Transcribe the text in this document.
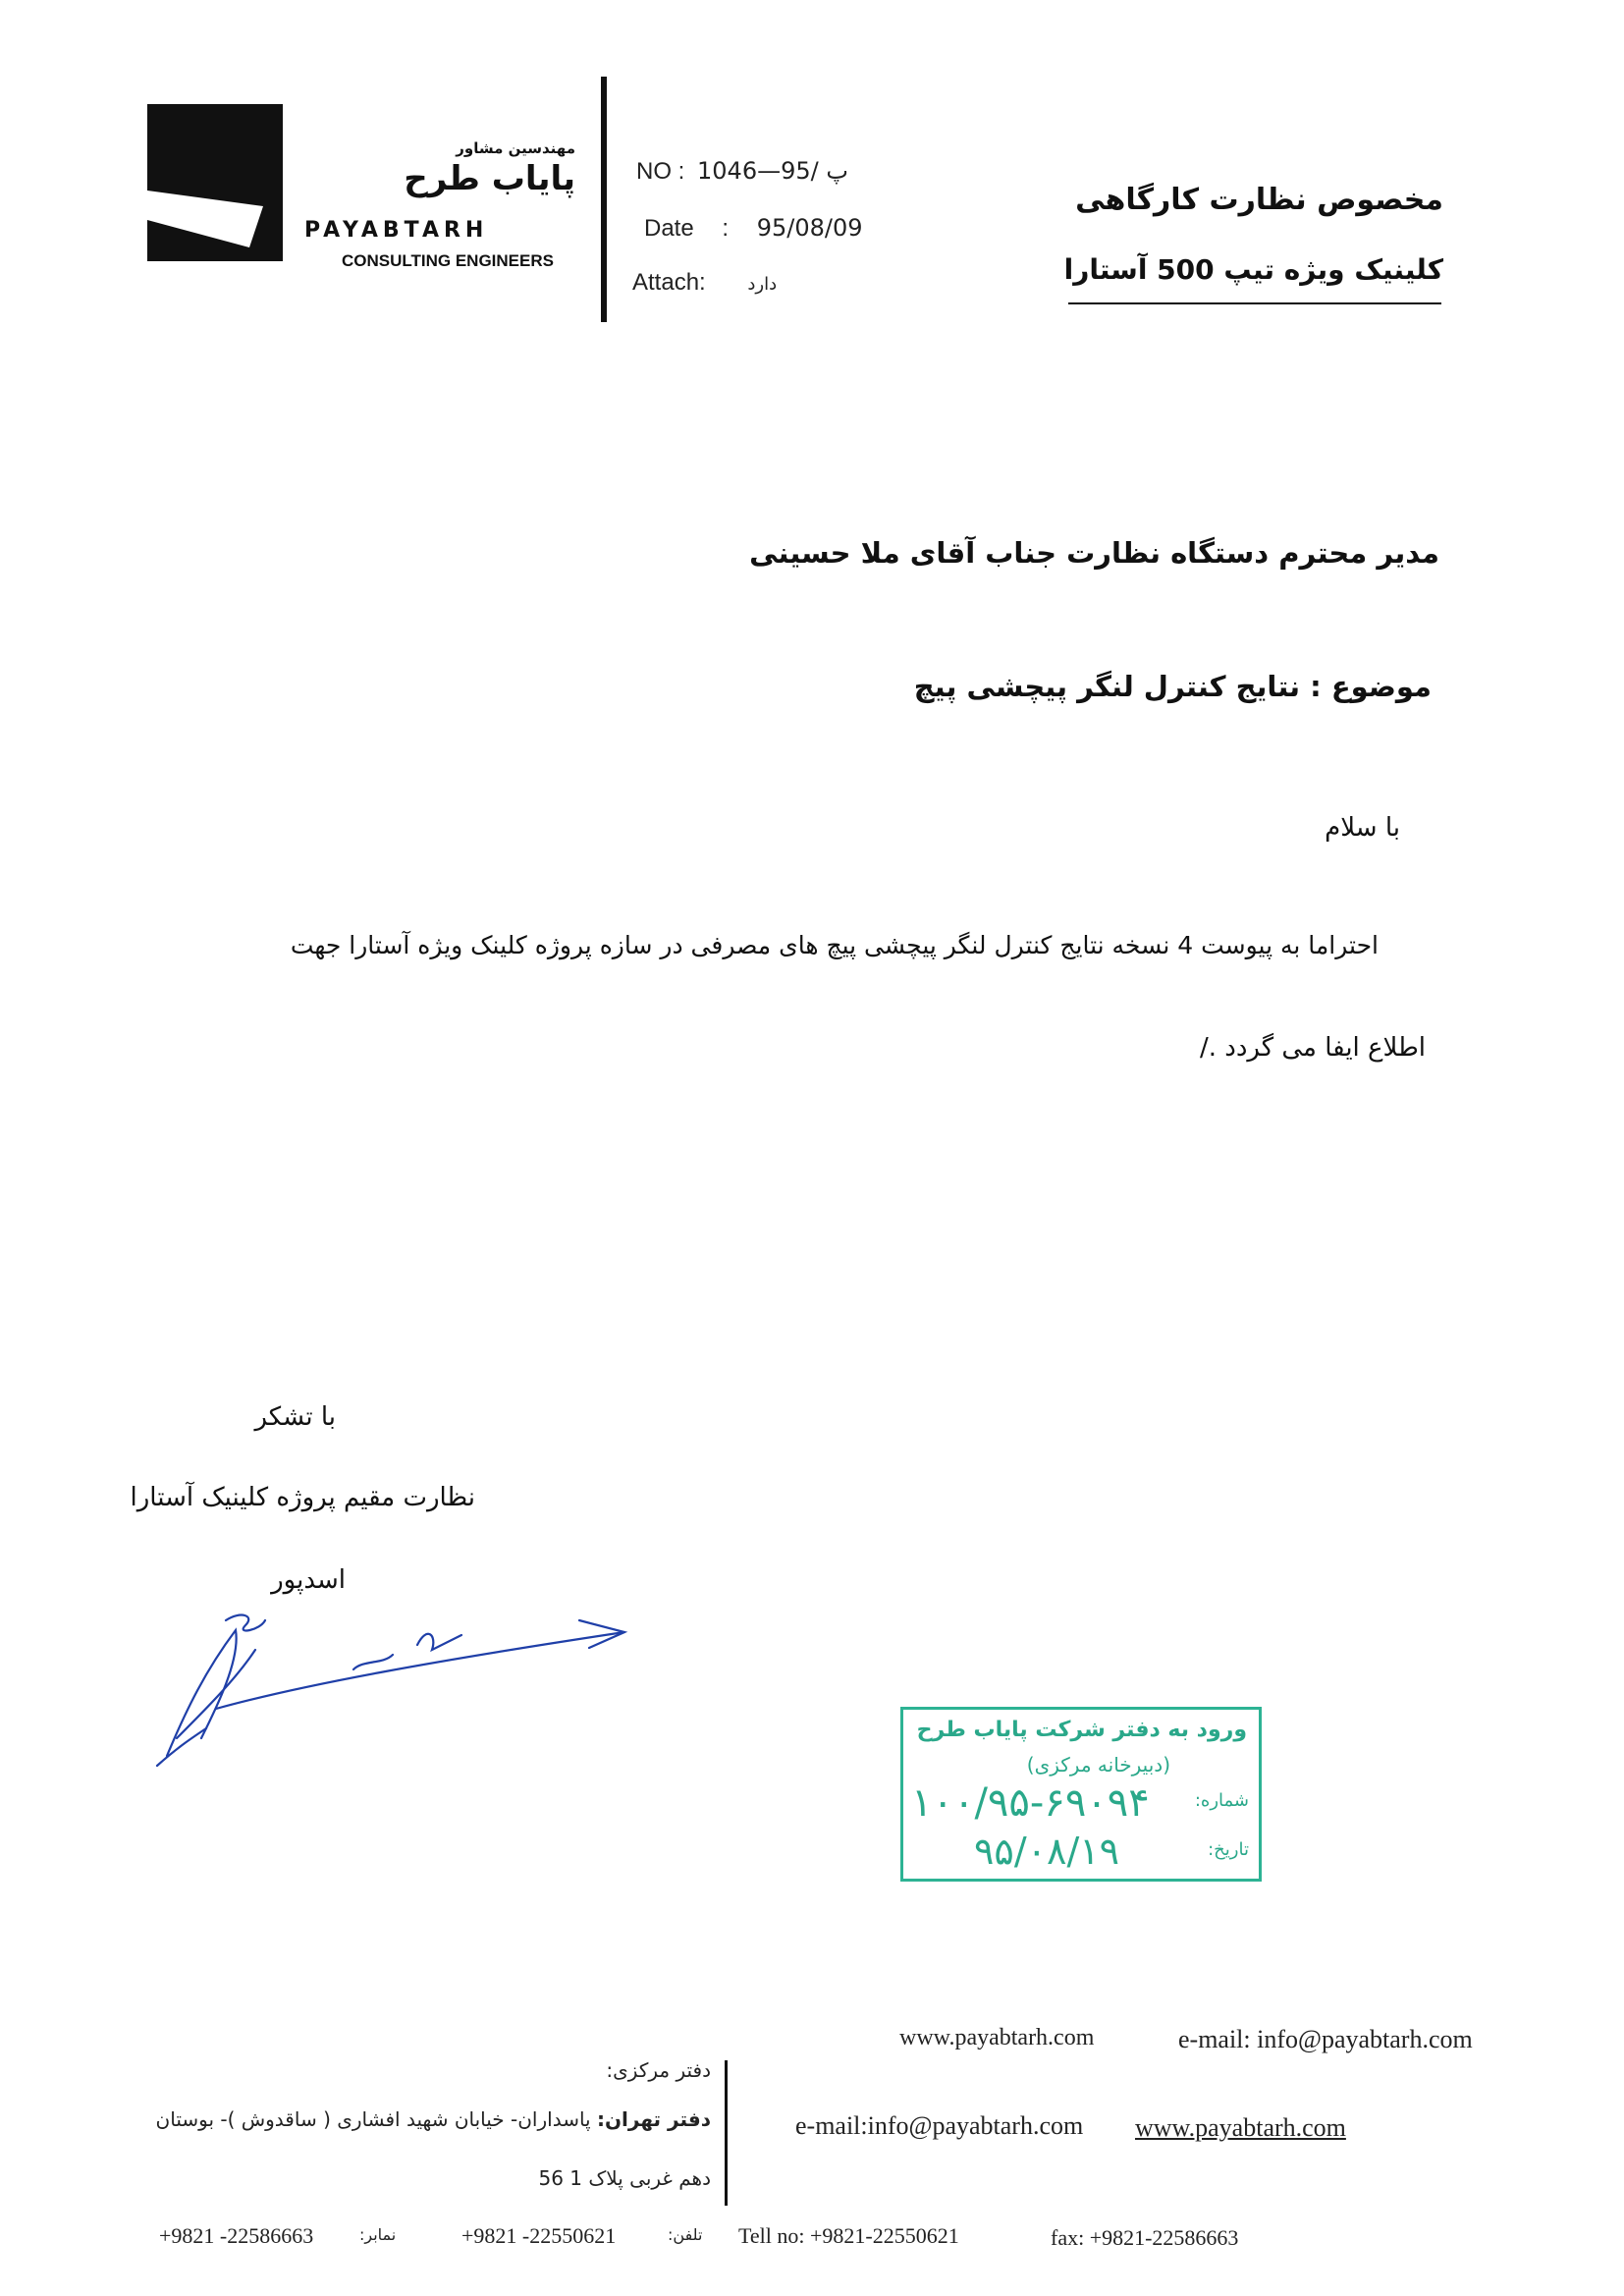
مهندسین مشاور
پایاب طرح
PAYABTARH
CONSULTING ENGINEERS
NO : پ /95—1046
Date : 95/08/09
Attach: دارد
مخصوص نظارت کارگاهی
کلینیک ویژه تیپ 500 آستارا
مدیر محترم دستگاه نظارت جناب آقای ملا حسینی
موضوع : نتایج کنترل لنگر پیچشی پیچ
با سلام
احتراما به پیوست 4 نسخه نتایج کنترل لنگر پیچشی پیچ های مصرفی در سازه پروژه کلینک ویژه آستارا جهت
اطلاع ایفا می گردد ./
با تشکر
نظارت مقیم پروژه کلینیک آستارا
اسدپور
ورود به دفتر شرکت پایاب طرح
(دبیرخانه مرکزی)
شماره:
۱۰۰/۹۵-۶۹۰۹۴
تاریخ:
۹۵/۰۸/۱۹
www.payabtarh.com	e-mail: info@payabtarh.com
دفتر مرکزی:
دفتر تهران: پاسداران- خیابان شهید افشاری ( ساقدوش )- بوستان
دهم غربی پلاک 1 56
e-mail:info@payabtarh.com www.payabtarh.com
+9821 -22586663	نمابر:	+9821 -22550621	تلفن: Tell no: +9821-22550621	fax: +9821-22586663
